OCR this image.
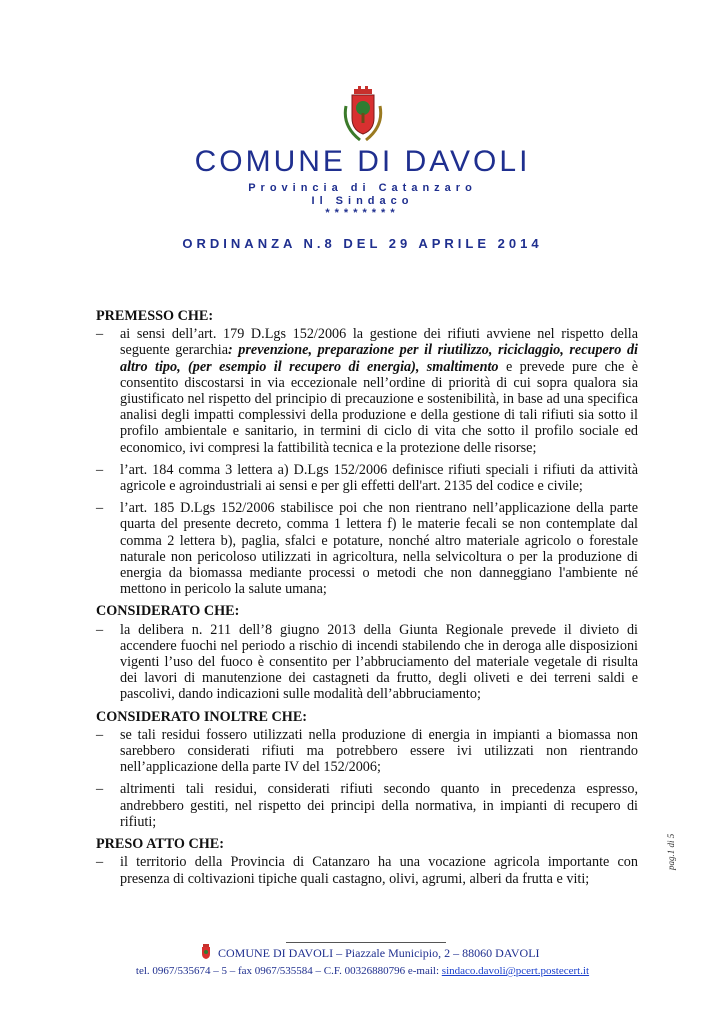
COMUNE DI DAVOLI
Provincia di Catanzaro
Il Sindaco
********
ORDINANZA N.8 DEL 29 APRILE 2014
PREMESSO CHE:
– ai sensi dell’art. 179 D.Lgs 152/2006 la gestione dei rifiuti avviene nel rispetto della seguente gerarchia: prevenzione, preparazione per il riutilizzo, riciclaggio, recupero di altro tipo, (per esempio il recupero di energia), smaltimento e prevede pure che è consentito discostarsi in via eccezionale nell’ordine di priorità di cui sopra qualora sia giustificato nel rispetto del principio di precauzione e sostenibilità, in base ad una specifica analisi degli impatti complessivi della produzione e della gestione di tali rifiuti sia sotto il profilo ambientale e sanitario, in termini di ciclo di vita che sotto il profilo sociale ed economico, ivi compresi la fattibilità tecnica e la protezione delle risorse;
– l’art. 184 comma 3 lettera a) D.Lgs 152/2006 definisce rifiuti speciali i rifiuti da attività agricole e agroindustriali ai sensi e per gli effetti dell'art. 2135 del codice e civile;
– l’art. 185 D.Lgs 152/2006 stabilisce poi che non rientrano nell’applicazione della parte quarta del presente decreto, comma 1 lettera f) le materie fecali se non contemplate dal comma 2 lettera b), paglia, sfalci e potature, nonché altro materiale agricolo o forestale naturale non pericoloso utilizzati in agricoltura, nella selvicoltura o per la produzione di energia da biomassa mediante processi o metodi che non danneggiano l'ambiente né mettono in pericolo la salute umana;
CONSIDERATO CHE:
– la delibera n. 211 dell’8 giugno 2013 della Giunta Regionale prevede il divieto di accendere fuochi nel periodo a rischio di incendi stabilendo che in deroga alle disposizioni vigenti l’uso del fuoco è consentito per l’abbruciamento del materiale vegetale di risulta dei lavori di manutenzione dei castagneti da frutto, degli oliveti e dei terreni saldi e pascolivi, dando indicazioni sulle modalità dell’abbruciamento;
CONSIDERATO INOLTRE CHE:
– se tali residui fossero utilizzati nella produzione di energia in impianti a biomassa non sarebbero considerati rifiuti ma potrebbero essere ivi utilizzati non rientrando nell’applicazione della parte IV del 152/2006;
– altrimenti tali residui, considerati rifiuti secondo quanto in precedenza espresso, andrebbero gestiti, nel rispetto dei principi della normativa, in impianti di recupero di rifiuti;
PRESO ATTO CHE:
– il territorio della Provincia di Catanzaro ha una vocazione agricola importante con presenza di coltivazioni tipiche quali castagno, olivi, agrumi, alberi da frutta e viti;
pag.1 di 5
COMUNE DI DAVOLI – Piazzale Municipio, 2 – 88060 DAVOLI
tel. 0967/535674 – 5 – fax 0967/535584 – C.F. 00326880796 e-mail: sindaco.davoli@pcert.postecert.it
